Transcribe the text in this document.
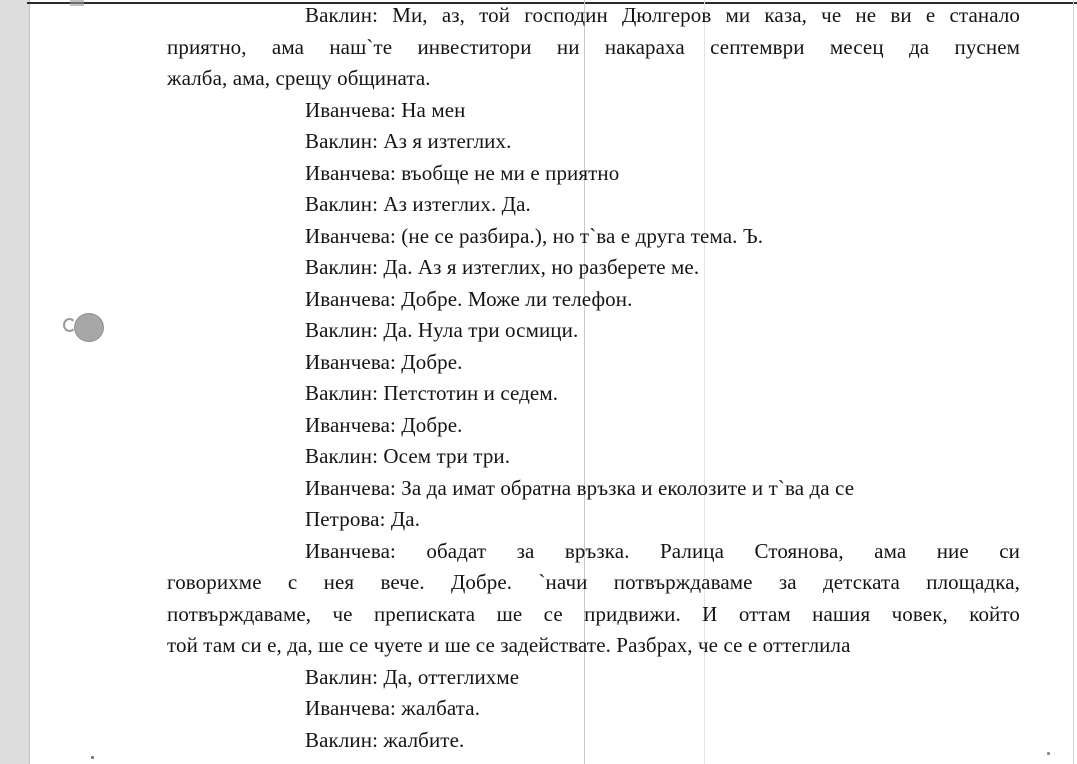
Ваклин: Ми, аз, той господин Дюлгеров ми каза, че не ви е станало
приятно, ама наш`те инвеститори ни накараха септември месец да пуснем
жалба, ама, срещу общината.
Иванчева: На мен
Ваклин: Аз я изтеглих.
Иванчева: въобще не ми е приятно
Ваклин: Аз изтеглих. Да.
Иванчева: (не се разбира.), но т`ва е друга тема. Ъ.
Ваклин: Да. Аз я изтеглих, но разберете ме.
Иванчева: Добре. Може ли телефон.
Ваклин: Да. Нула три осмици.
Иванчева: Добре.
Ваклин: Петстотин и седем.
Иванчева: Добре.
Ваклин: Осем три три.
Иванчева: За да имат обратна връзка и еколозите и т`ва да се
Петрова: Да.
Иванчева: обадат за връзка. Ралица Стоянова, ама ние си
говорихме с нея вече. Добре. `начи потвърждаваме за детската площадка,
потвърждаваме, че преписката ше се придвижи. И оттам нашия човек, който
той там си е, да, ше се чуете и ше се задействате. Разбрах, че се е оттеглила
Ваклин: Да, оттеглихме
Иванчева: жалбата.
Ваклин: жалбите.
